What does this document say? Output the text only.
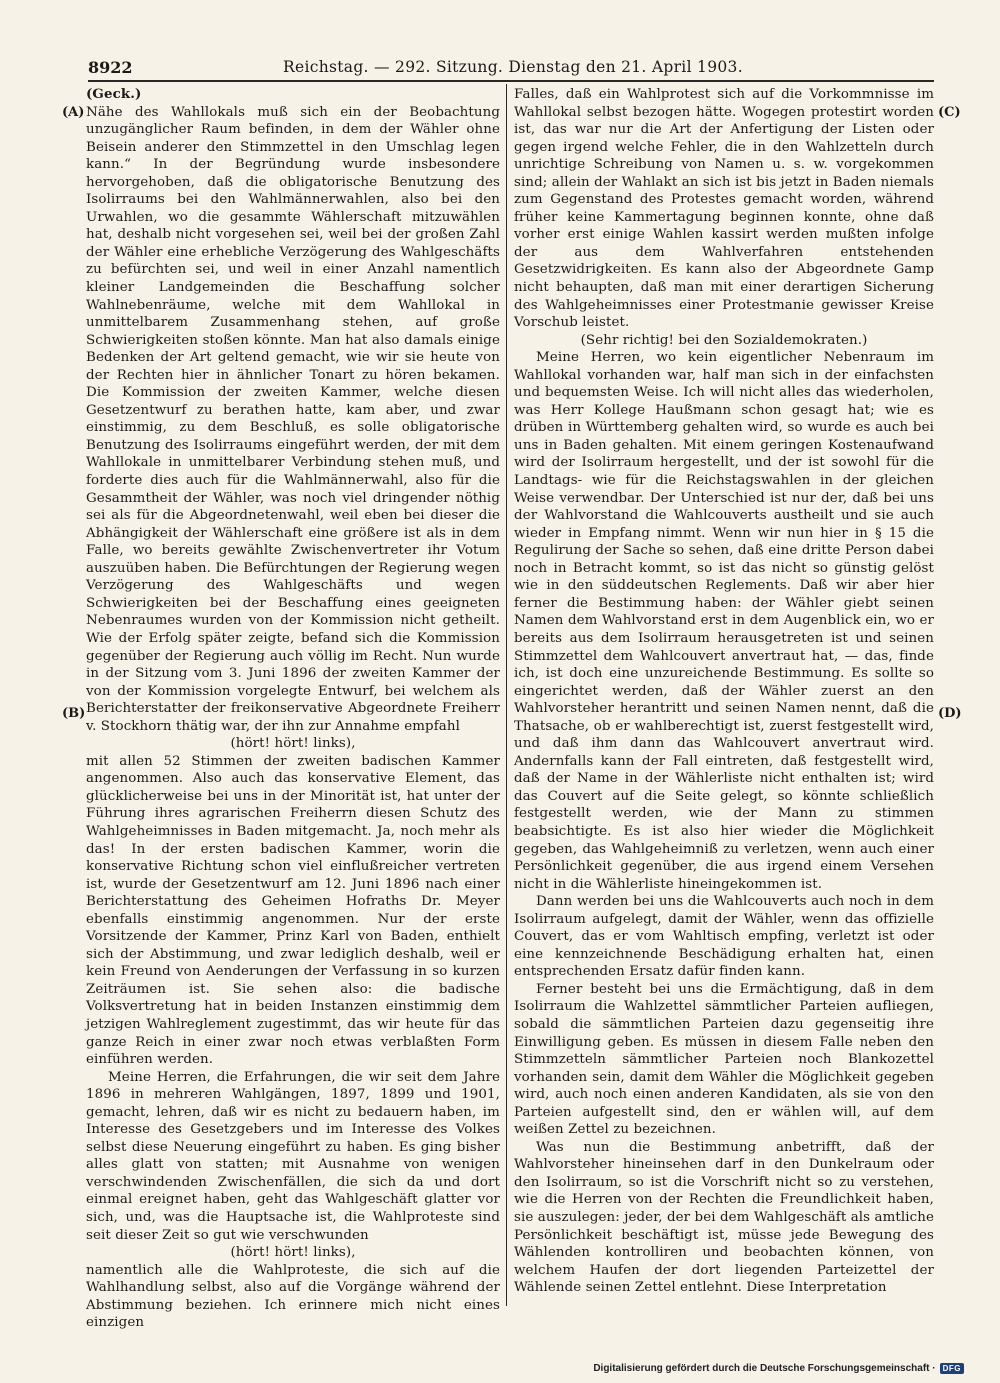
8922	Reichstag. — 292. Sitzung. Dienstag den 21. April 1903.
(A)
(B)
(C)
(D)

(Geck.)

Nähe des Wahllokals muß sich ein der Beobachtung unzugänglicher Raum befinden, in dem der Wähler ohne Beisein anderer den Stimmzettel in den Umschlag legen kann.“ In der Begründung wurde insbesondere hervorgehoben, daß die obligatorische Benutzung des Isolirraums bei den Wahlmännerwahlen, also bei den Urwahlen, wo die gesammte Wählerschaft mitzuwählen hat, deshalb nicht vorgesehen sei, weil bei der großen Zahl der Wähler eine erhebliche Verzögerung des Wahlgeschäfts zu befürchten sei, und weil in einer Anzahl namentlich kleiner Landgemeinden die Beschaffung solcher Wahlnebenräume, welche mit dem Wahllokal in unmittelbarem Zusammenhang stehen, auf große Schwierigkeiten stoßen könnte. Man hat also damals einige Bedenken der Art geltend gemacht, wie wir sie heute von der Rechten hier in ähnlicher Tonart zu hören bekamen. Die Kommission der zweiten Kammer, welche diesen Gesetzentwurf zu berathen hatte, kam aber, und zwar einstimmig, zu dem Beschluß, es solle obligatorische Benutzung des Isolirraums eingeführt werden, der mit dem Wahllokale in unmittelbarer Verbindung stehen muß, und forderte dies auch für die Wahlmännerwahl, also für die Gesammtheit der Wähler, was noch viel dringender nöthig sei als für die Abgeordnetenwahl, weil eben bei dieser die Abhängigkeit der Wählerschaft eine größere ist als in dem Falle, wo bereits gewählte Zwischenvertreter ihr Votum auszuüben haben. Die Befürchtungen der Regierung wegen Verzögerung des Wahlgeschäfts und wegen Schwierigkeiten bei der Beschaffung eines geeigneten Nebenraumes wurden von der Kommission nicht getheilt. Wie der Erfolg später zeigte, befand sich die Kommission gegenüber der Regierung auch völlig im Recht. Nun wurde in der Sitzung vom 3. Juni 1896 der zweiten Kammer der von der Kommission vorgelegte Entwurf, bei welchem als Berichterstatter der freikonservative Abgeordnete Freiherr v. Stockhorn thätig war, der ihn zur Annahme empfahl

(hört! hört! links),

mit allen 52 Stimmen der zweiten badischen Kammer angenommen. Also auch das konservative Element, das glücklicherweise bei uns in der Minorität ist, hat unter der Führung ihres agrarischen Freiherrn diesen Schutz des Wahlgeheimnisses in Baden mitgemacht. Ja, noch mehr als das! In der ersten badischen Kammer, worin die konservative Richtung schon viel einflußreicher vertreten ist, wurde der Gesetzentwurf am 12. Juni 1896 nach einer Berichterstattung des Geheimen Hofraths Dr. Meyer ebenfalls einstimmig angenommen. Nur der erste Vorsitzende der Kammer, Prinz Karl von Baden, enthielt sich der Abstimmung, und zwar lediglich deshalb, weil er kein Freund von Aenderungen der Verfassung in so kurzen Zeiträumen ist. Sie sehen also: die badische Volksvertretung hat in beiden Instanzen einstimmig dem jetzigen Wahlreglement zugestimmt, das wir heute für das ganze Reich in einer zwar noch etwas verblaßten Form einführen werden.

Meine Herren, die Erfahrungen, die wir seit dem Jahre 1896 in mehreren Wahlgängen, 1897, 1899 und 1901, gemacht, lehren, daß wir es nicht zu bedauern haben, im Interesse des Gesetzgebers und im Interesse des Volkes selbst diese Neuerung eingeführt zu haben. Es ging bisher alles glatt von statten; mit Ausnahme von wenigen verschwindenden Zwischenfällen, die sich da und dort einmal ereignet haben, geht das Wahlgeschäft glatter vor sich, und, was die Hauptsache ist, die Wahlproteste sind seit dieser Zeit so gut wie verschwunden

(hört! hört! links),

namentlich alle die Wahlproteste, die sich auf die Wahlhandlung selbst, also auf die Vorgänge während der Abstimmung beziehen. Ich erinnere mich nicht eines einzigen

Falles, daß ein Wahlprotest sich auf die Vorkommnisse im Wahllokal selbst bezogen hätte. Wogegen protestirt worden ist, das war nur die Art der Anfertigung der Listen oder gegen irgend welche Fehler, die in den Wahlzetteln durch unrichtige Schreibung von Namen u. s. w. vorgekommen sind; allein der Wahlakt an sich ist bis jetzt in Baden niemals zum Gegenstand des Protestes gemacht worden, während früher keine Kammertagung beginnen konnte, ohne daß vorher erst einige Wahlen kassirt werden mußten infolge der aus dem Wahlverfahren entstehenden Gesetzwidrigkeiten. Es kann also der Abgeordnete Gamp nicht behaupten, daß man mit einer derartigen Sicherung des Wahlgeheimnisses einer Protestmanie gewisser Kreise Vorschub leistet.

(Sehr richtig! bei den Sozialdemokraten.)

Meine Herren, wo kein eigentlicher Nebenraum im Wahllokal vorhanden war, half man sich in der einfachsten und bequemsten Weise. Ich will nicht alles das wiederholen, was Herr Kollege Haußmann schon gesagt hat; wie es drüben in Württemberg gehalten wird, so wurde es auch bei uns in Baden gehalten. Mit einem geringen Kostenaufwand wird der Isolirraum hergestellt, und der ist sowohl für die Landtags- wie für die Reichstagswahlen in der gleichen Weise verwendbar. Der Unterschied ist nur der, daß bei uns der Wahlvorstand die Wahlcouverts austheilt und sie auch wieder in Empfang nimmt. Wenn wir nun hier in § 15 die Regulirung der Sache so sehen, daß eine dritte Person dabei noch in Betracht kommt, so ist das nicht so günstig gelöst wie in den süddeutschen Reglements. Daß wir aber hier ferner die Bestimmung haben: der Wähler giebt seinen Namen dem Wahlvorstand erst in dem Augenblick ein, wo er bereits aus dem Isolirraum herausgetreten ist und seinen Stimmzettel dem Wahlcouvert anvertraut hat, — das, finde ich, ist doch eine unzureichende Bestimmung. Es sollte so eingerichtet werden, daß der Wähler zuerst an den Wahlvorsteher herantritt und seinen Namen nennt, daß die Thatsache, ob er wahlberechtigt ist, zuerst festgestellt wird, und daß ihm dann das Wahlcouvert anvertraut wird. Andernfalls kann der Fall eintreten, daß festgestellt wird, daß der Name in der Wählerliste nicht enthalten ist; wird das Couvert auf die Seite gelegt, so könnte schließlich festgestellt werden, wie der Mann zu stimmen beabsichtigte. Es ist also hier wieder die Möglichkeit gegeben, das Wahlgeheimniß zu verletzen, wenn auch einer Persönlichkeit gegenüber, die aus irgend einem Versehen nicht in die Wählerliste hineingekommen ist.

Dann werden bei uns die Wahlcouverts auch noch in dem Isolirraum aufgelegt, damit der Wähler, wenn das offizielle Couvert, das er vom Wahltisch empfing, verletzt ist oder eine kennzeichnende Beschädigung erhalten hat, einen entsprechenden Ersatz dafür finden kann.

Ferner besteht bei uns die Ermächtigung, daß in dem Isolirraum die Wahlzettel sämmtlicher Parteien aufliegen, sobald die sämmtlichen Parteien dazu gegenseitig ihre Einwilligung geben. Es müssen in diesem Falle neben den Stimmzetteln sämmtlicher Parteien noch Blankozettel vorhanden sein, damit dem Wähler die Möglichkeit gegeben wird, auch noch einen anderen Kandidaten, als sie von den Parteien aufgestellt sind, den er wählen will, auf dem weißen Zettel zu bezeichnen.

Was nun die Bestimmung anbetrifft, daß der Wahlvorsteher hineinsehen darf in den Dunkelraum oder den Isolirraum, so ist die Vorschrift nicht so zu verstehen, wie die Herren von der Rechten die Freundlichkeit haben, sie auszulegen: jeder, der bei dem Wahlgeschäft als amtliche Persönlichkeit beschäftigt ist, müsse jede Bewegung des Wählenden kontrolliren und beobachten können, von welchem Haufen der dort liegenden Parteizettel der Wählende seinen Zettel entlehnt. Diese Interpretation

Digitalisierung gefördert durch die Deutsche Forschungsgemeinschaft · DFG
